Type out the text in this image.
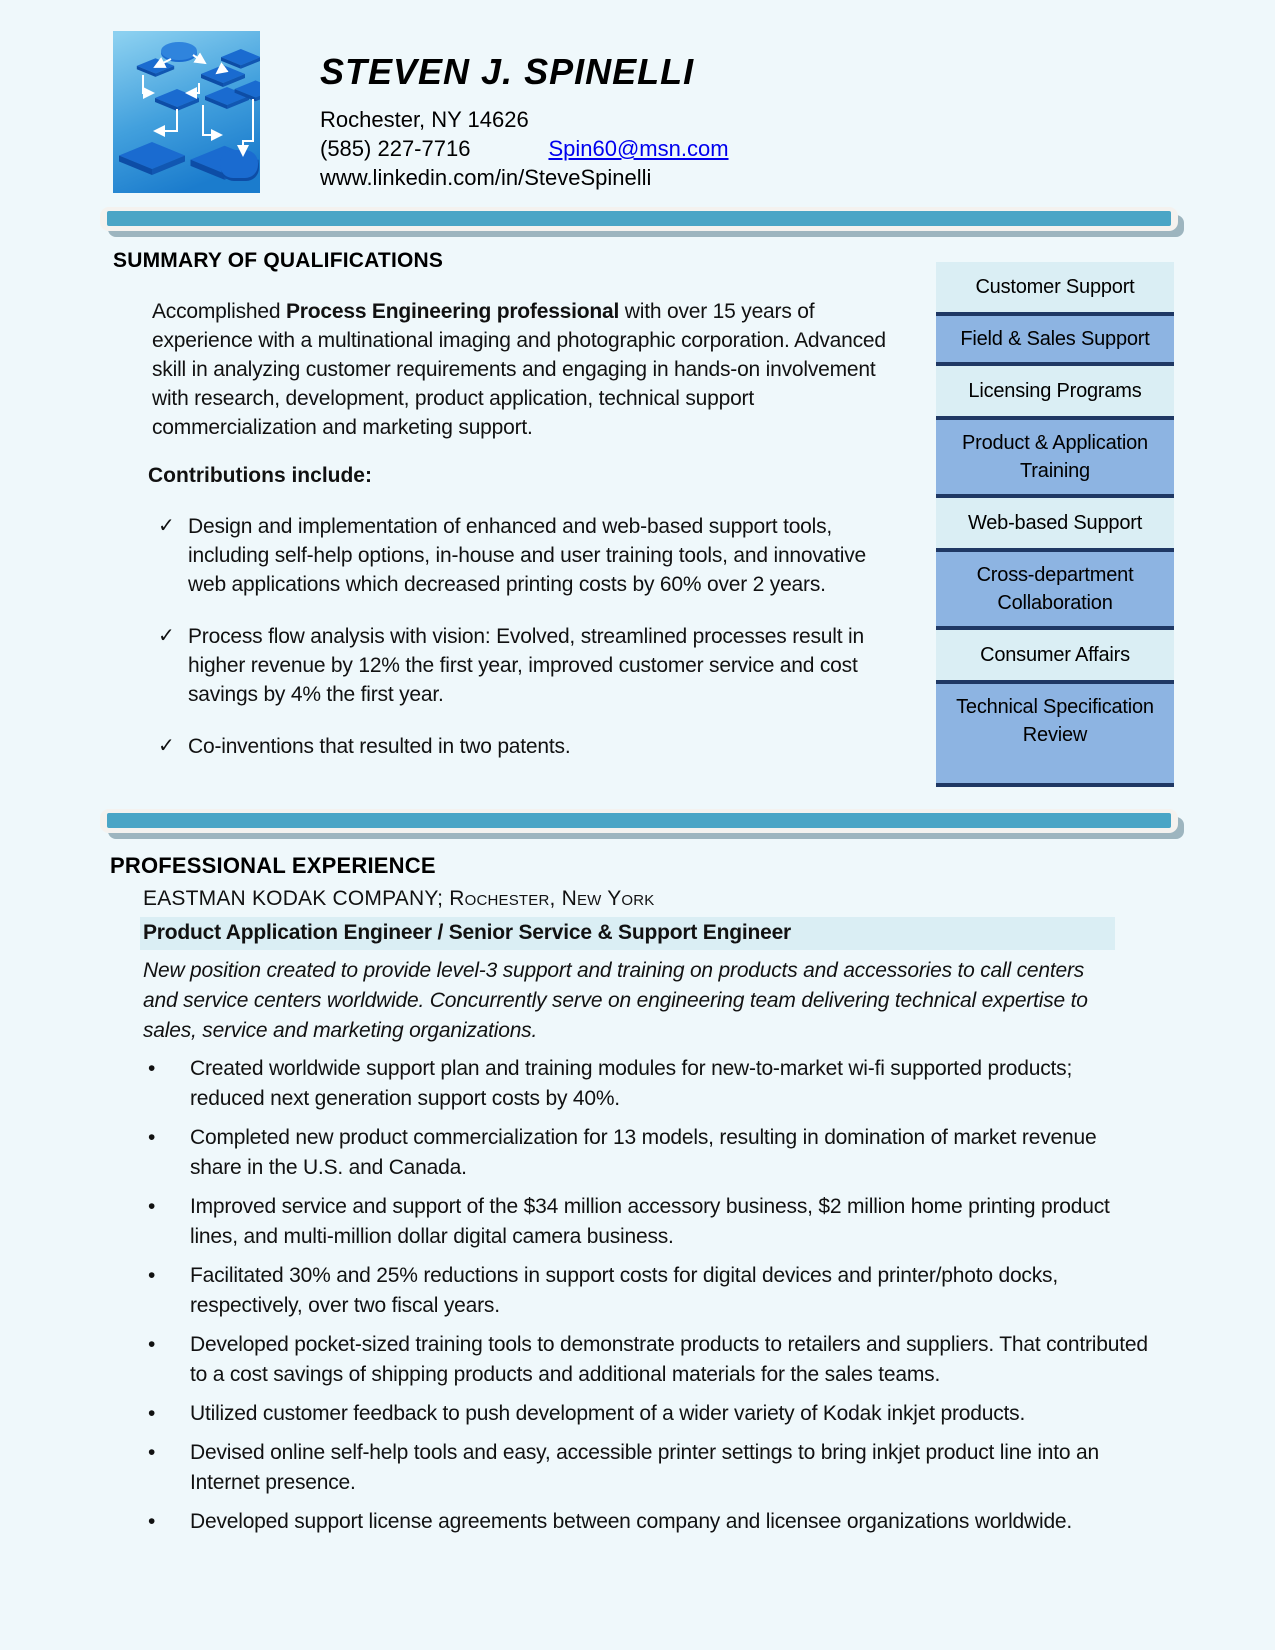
STEVEN J. SPINELLI
Rochester, NY 14626
(585) 227-7716	Spin60@msn.com
www.linkedin.com/in/SteveSpinelli
SUMMARY OF QUALIFICATIONS

Accomplished Process Engineering professional with over 15 years of experience with a multinational imaging and photographic corporation. Advanced skill in analyzing customer requirements and engaging in hands-on involvement with research, development, product application, technical support commercialization and marketing support.

Contributions include:
✓ Design and implementation of enhanced and web-based support tools, including self-help options, in-house and user training tools, and innovative web applications which decreased printing costs by 60% over 2 years.
✓ Process flow analysis with vision: Evolved, streamlined processes result in higher revenue by 12% the first year, improved customer service and cost savings by 4% the first year.
✓ Co-inventions that resulted in two patents.
Customer Support
Field & Sales Support
Licensing Programs
Product & Application Training
Web-based Support
Cross-department Collaboration
Consumer Affairs
Technical Specification Review
PROFESSIONAL EXPERIENCE
EASTMAN KODAK COMPANY; Rochester, New York
Product Application Engineer / Senior Service & Support Engineer

New position created to provide level-3 support and training on products and accessories to call centers and service centers worldwide. Concurrently serve on engineering team delivering technical expertise to sales, service and marketing organizations.

•	Created worldwide support plan and training modules for new-to-market wi-fi supported products; reduced next generation support costs by 40%.
•	Completed new product commercialization for 13 models, resulting in domination of market revenue share in the U.S. and Canada.
•	Improved service and support of the $34 million accessory business, $2 million home printing product lines, and multi-million dollar digital camera business.
•	Facilitated 30% and 25% reductions in support costs for digital devices and printer/photo docks, respectively, over two fiscal years.
•	Developed pocket-sized training tools to demonstrate products to retailers and suppliers. That contributed to a cost savings of shipping products and additional materials for the sales teams.
•	Utilized customer feedback to push development of a wider variety of Kodak inkjet products.
•	Devised online self-help tools and easy, accessible printer settings to bring inkjet product line into an Internet presence.
•	Developed support license agreements between company and licensee organizations worldwide.
